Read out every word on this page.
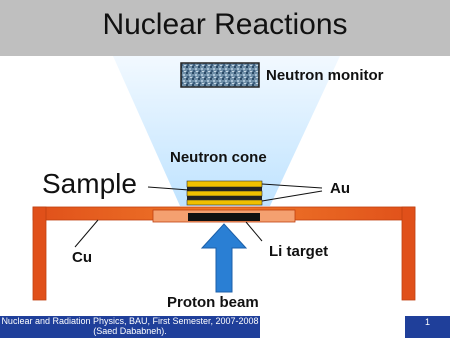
Nuclear Reactions
Neutron monitor
Neutron cone
Sample	Au
Cu	Li target
Proton beam
Nuclear and Radiation Physics, BAU, First Semester, 2007-2008
(Saed Dababneh).
1
